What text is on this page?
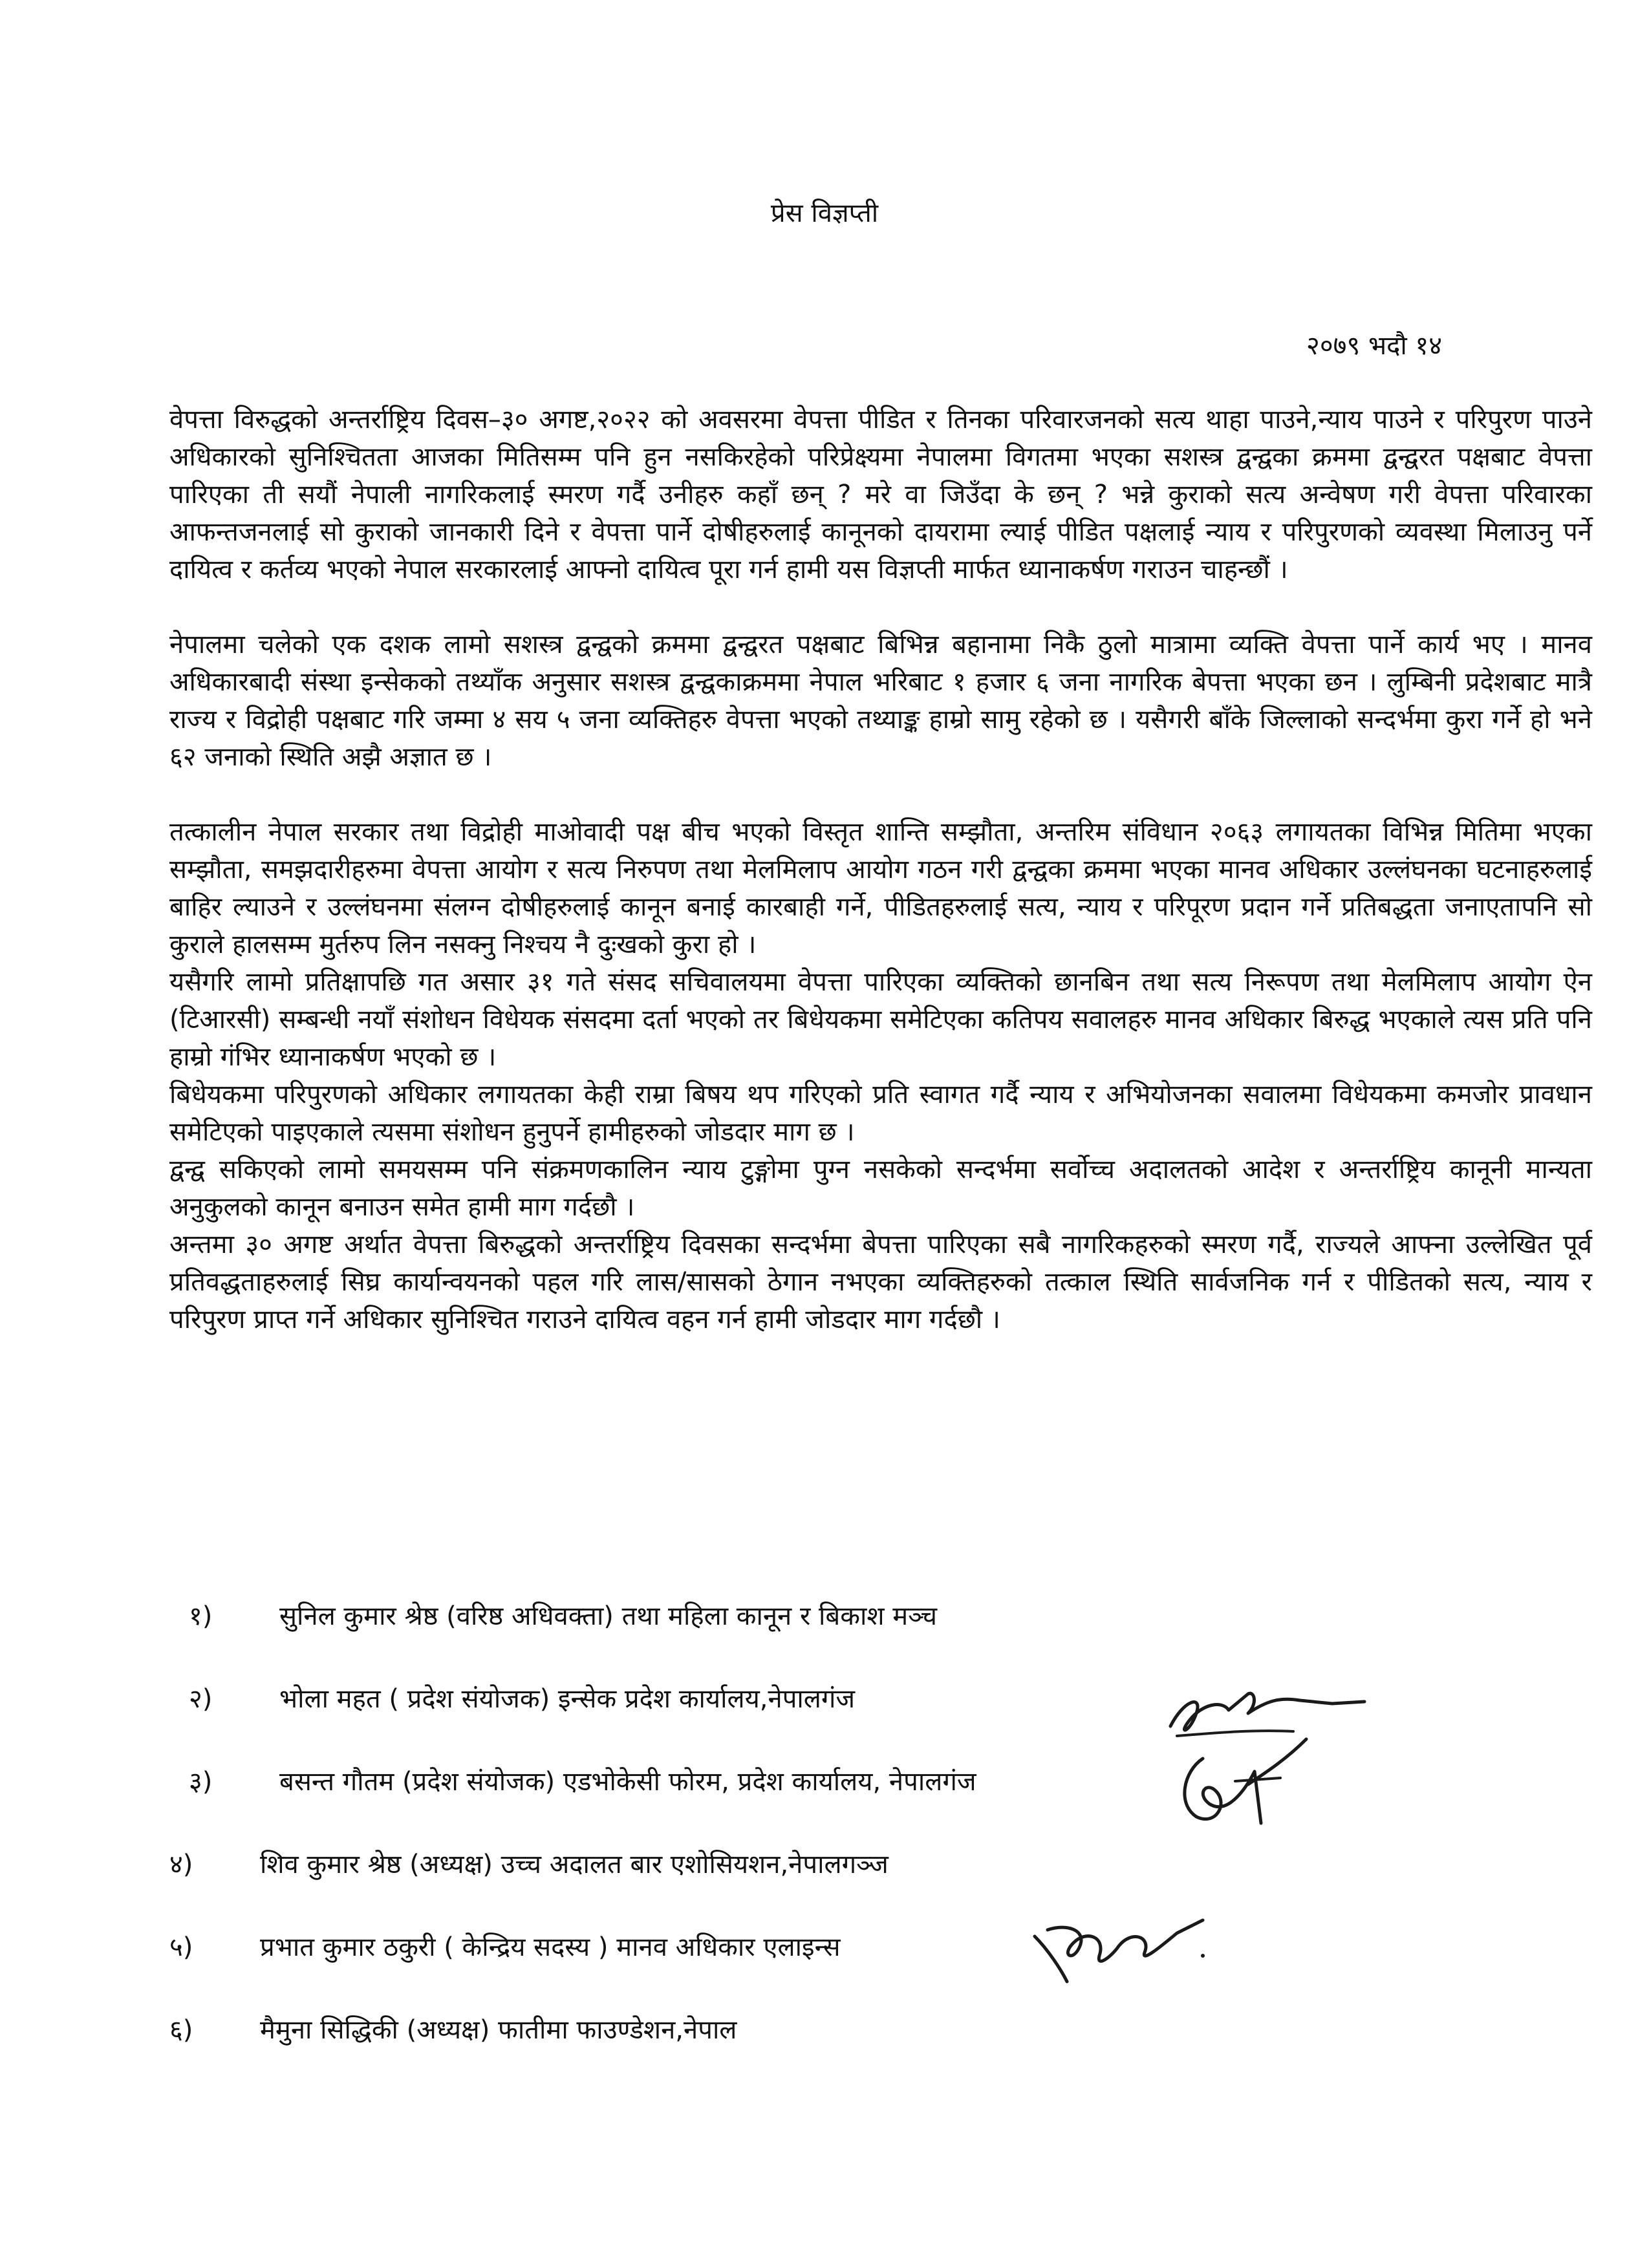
प्रेस विज्ञप्ती
२०७९ भदौ १४

वेपत्ता विरुद्धको अन्तर्राष्ट्रिय दिवस–३० अगष्ट,२०२२ को अवसरमा वेपत्ता पीडित र तिनका परिवारजनको सत्य थाहा पाउने,न्याय पाउने र परिपुरण पाउने अधिकारको सुनिश्चितता आजका मितिसम्म पनि हुन नसकिरहेको परिप्रेक्ष्यमा नेपालमा विगतमा भएका सशस्त्र द्वन्द्वका क्रममा द्वन्द्वरत पक्षबाट वेपत्ता पारिएका ती सयौं नेपाली नागरिकलाई स्मरण गर्दै उनीहरु कहाँ छन् ? मरे वा जिउँदा के छन् ? भन्ने कुराको सत्य अन्वेषण गरी वेपत्ता परिवारका आफन्तजनलाई सो कुराको जानकारी दिने र वेपत्ता पार्ने दोषीहरुलाई कानूनको दायरामा ल्याई पीडित पक्षलाई न्याय र परिपुरणको व्यवस्था मिलाउनु पर्ने दायित्व र कर्तव्य भएको नेपाल सरकारलाई आफ्नो दायित्व पूरा गर्न हामी यस विज्ञप्ती मार्फत ध्यानाकर्षण गराउन चाहन्छौं ।

नेपालमा चलेको एक दशक लामो सशस्त्र द्वन्द्वको क्रममा द्वन्द्वरत पक्षबाट बिभिन्न बहानामा निकै ठुलो मात्रामा व्यक्ति वेपत्ता पार्ने कार्य भए । मानव अधिकारबादी संस्था इन्सेकको तथ्याँक अनुसार सशस्त्र द्वन्द्वकाक्रममा नेपाल भरिबाट १ हजार ६ जना नागरिक बेपत्ता भएका छन । लुम्बिनी प्रदेशबाट मात्रै राज्य र विद्रोही पक्षबाट गरि जम्मा ४ सय ५ जना व्यक्तिहरु वेपत्ता भएको तथ्याङ्क हाम्रो सामु रहेको छ । यसैगरी बाँके जिल्लाको सन्दर्भमा कुरा गर्ने हो भने ६२ जनाको स्थिति अझै अज्ञात छ ।

तत्कालीन नेपाल सरकार तथा विद्रोही माओवादी पक्ष बीच भएको विस्तृत शान्ति सम्झौता, अन्तरिम संविधान २०६३ लगायतका विभिन्न मितिमा भएका सम्झौता, समझदारीहरुमा वेपत्ता आयोग र सत्य निरुपण तथा मेलमिलाप आयोग गठन गरी द्वन्द्वका क्रममा भएका मानव अधिकार उल्लंघनका घटनाहरुलाई बाहिर ल्याउने र उल्लंघनमा संलग्न दोषीहरुलाई कानून बनाई कारबाही गर्ने, पीडितहरुलाई सत्य, न्याय र परिपूरण प्रदान गर्ने प्रतिबद्धता जनाएतापनि सो कुराले हालसम्म मुर्तरुप लिन नसक्नु निश्चय नै दुःखको कुरा हो ।

यसैगरि लामो प्रतिक्षापछि गत असार ३१ गते संसद सचिवालयमा वेपत्ता पारिएका व्यक्तिको छानबिन तथा सत्य निरूपण तथा मेलमिलाप आयोग ऐन (टिआरसी) सम्बन्धी नयाँ संशोधन विधेयक संसदमा दर्ता भएको तर बिधेयकमा समेटिएका कतिपय सवालहरु मानव अधिकार बिरुद्ध भएकाले त्यस प्रति पनि हाम्रो गंभिर ध्यानाकर्षण भएको छ ।

बिधेयकमा परिपुरणको अधिकार लगायतका केही राम्रा बिषय थप गरिएको प्रति स्वागत गर्दै न्याय र अभियोजनका सवालमा विधेयकमा कमजोर प्रावधान समेटिएको पाइएकाले त्यसमा संशोधन हुनुपर्ने हामीहरुको जोडदार माग छ ।

द्वन्द्व सकिएको लामो समयसम्म पनि संक्रमणकालिन न्याय टुङ्गोमा पुग्न नसकेको सन्दर्भमा सर्वोच्च अदालतको आदेश र अन्तर्राष्ट्रिय कानूनी मान्यता अनुकुलको कानून बनाउन समेत हामी माग गर्दछौ ।

अन्तमा ३० अगष्ट अर्थात वेपत्ता बिरुद्धको अन्तर्राष्ट्रिय दिवसका सन्दर्भमा बेपत्ता पारिएका सबै नागरिकहरुको स्मरण गर्दै, राज्यले आफ्ना उल्लेखित पूर्व प्रतिवद्धताहरुलाई सिघ्र कार्यान्वयनको पहल गरि लास/सासको ठेगान नभएका व्यक्तिहरुको तत्काल स्थिति सार्वजनिक गर्न र पीडितको सत्य, न्याय र परिपुरण प्राप्त गर्ने अधिकार सुनिश्चित गराउने दायित्व वहन गर्न हामी जोडदार माग गर्दछौ ।

१)	सुनिल कुमार श्रेष्ठ (वरिष्ठ अधिवक्ता) तथा महिला कानून र बिकाश मञ्च
२)	भोला महत ( प्रदेश संयोजक) इन्सेक प्रदेश कार्यालय,नेपालगंज
३)	बसन्त गौतम (प्रदेश संयोजक) एडभोकेसी फोरम, प्रदेश कार्यालय, नेपालगंज
४)	शिव कुमार श्रेष्ठ (अध्यक्ष) उच्च अदालत बार एशोसियशन,नेपालगञ्ज
५)	प्रभात कुमार ठकुरी ( केन्द्रिय सदस्य ) मानव अधिकार एलाइन्स
६)	मैमुना सिद्धिकी (अध्यक्ष) फातीमा फाउण्डेशन,नेपाल
